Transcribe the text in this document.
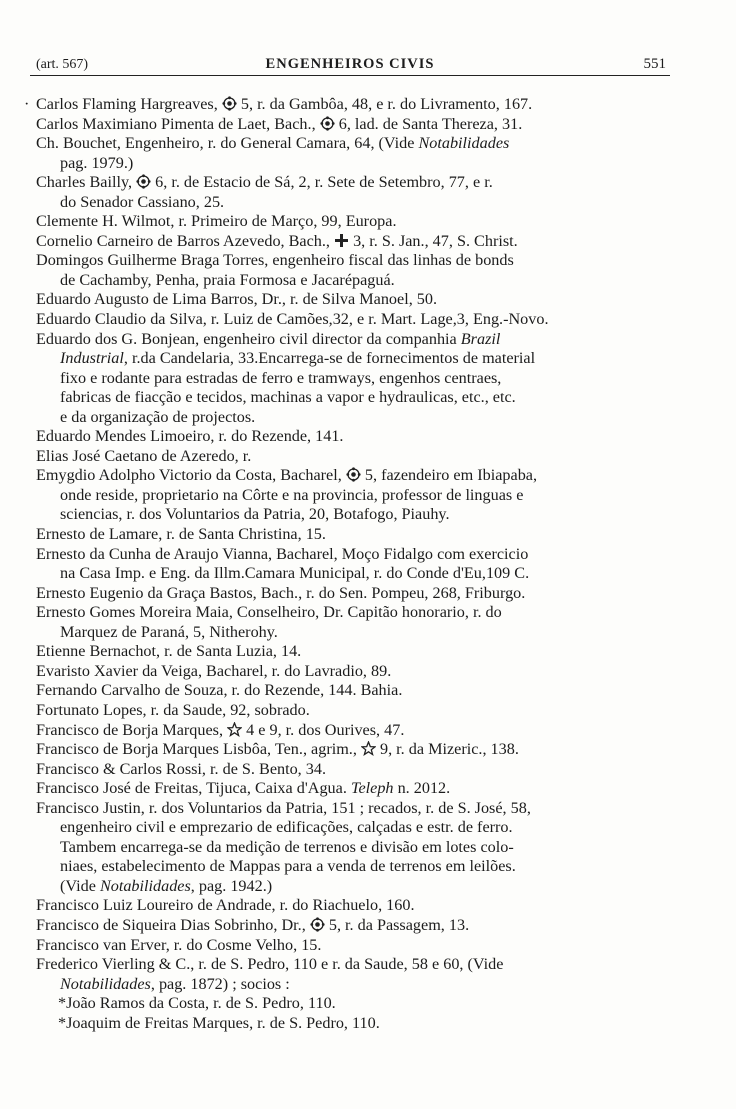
(art. 567)	ENGENHEIROS CIVIS	551
· Carlos Flaming Hargreaves,
5, r. da Gambôa, 48, e r. do Livramento, 167.
Carlos Maximiano Pimenta de Laet, Bach.,
6, lad. de Santa Thereza, 31.
Ch. Bouchet, Engenheiro, r. do General Camara, 64, (Vide Notabilidades
pag. 1979.)
Charles Bailly,
6, r. de Estacio de Sá, 2, r. Sete de Setembro, 77, e r.
do Senador Cassiano, 25.
Clemente H. Wilmot, r. Primeiro de Março, 99, Europa.
Cornelio Carneiro de Barros Azevedo, Bach.,
3, r. S. Jan., 47, S. Christ.
Domingos Guilherme Braga Torres, engenheiro fiscal das linhas de bonds
de Cachamby, Penha, praia Formosa e Jacarépaguá.
Eduardo Augusto de Lima Barros, Dr., r. de Silva Manoel, 50.
Eduardo Claudio da Silva, r. Luiz de Camões,32, e r. Mart. Lage,3, Eng.-Novo.
Eduardo dos G. Bonjean, engenheiro civil director da companhia Brazil
Industrial, r.da Candelaria, 33.Encarrega-se de fornecimentos de material
fixo e rodante para estradas de ferro e tramways, engenhos centraes,
fabricas de fiacção e tecidos, machinas a vapor e hydraulicas, etc., etc.
e da organização de projectos.
Eduardo Mendes Limoeiro, r. do Rezende, 141.
Elias José Caetano de Azeredo, r.
Emygdio Adolpho Victorio da Costa, Bacharel,
5, fazendeiro em Ibiapaba,
onde reside, proprietario na Côrte e na provincia, professor de linguas e
sciencias, r. dos Voluntarios da Patria, 20, Botafogo, Piauhy.
Ernesto de Lamare, r. de Santa Christina, 15.
Ernesto da Cunha de Araujo Vianna, Bacharel, Moço Fidalgo com exercicio
na Casa Imp. e Eng. da Illm.Camara Municipal, r. do Conde d'Eu,109 C.
Ernesto Eugenio da Graça Bastos, Bach., r. do Sen. Pompeu, 268, Friburgo.
Ernesto Gomes Moreira Maia, Conselheiro, Dr. Capitão honorario, r. do
Marquez de Paraná, 5, Nitherohy.
Etienne Bernachot, r. de Santa Luzia, 14.
Evaristo Xavier da Veiga, Bacharel, r. do Lavradio, 89.
Fernando Carvalho de Souza, r. do Rezende, 144. Bahia.
Fortunato Lopes, r. da Saude, 92, sobrado.
Francisco de Borja Marques,
4 e 9, r. dos Ourives, 47.
Francisco de Borja Marques Lisbôa, Ten., agrim.,
9, r. da Mizeric., 138.
Francisco & Carlos Rossi, r. de S. Bento, 34.
Francisco José de Freitas, Tijuca, Caixa d'Agua. Teleph n. 2012.
Francisco Justin, r. dos Voluntarios da Patria, 151 ; recados, r. de S. José, 58,
engenheiro civil e emprezario de edificações, calçadas e estr. de ferro.
Tambem encarrega-se da medição de terrenos e divisão em lotes colo-
niaes, estabelecimento de Mappas para a venda de terrenos em leilões.
(Vide Notabilidades, pag. 1942.)
Francisco Luiz Loureiro de Andrade, r. do Riachuelo, 160.
Francisco de Siqueira Dias Sobrinho, Dr.,
5, r. da Passagem, 13.
Francisco van Erver, r. do Cosme Velho, 15.
Frederico Vierling & C., r. de S. Pedro, 110 e r. da Saude, 58 e 60, (Vide
Notabilidades, pag. 1872) ; socios :
*João Ramos da Costa, r. de S. Pedro, 110.
*Joaquim de Freitas Marques, r. de S. Pedro, 110.
